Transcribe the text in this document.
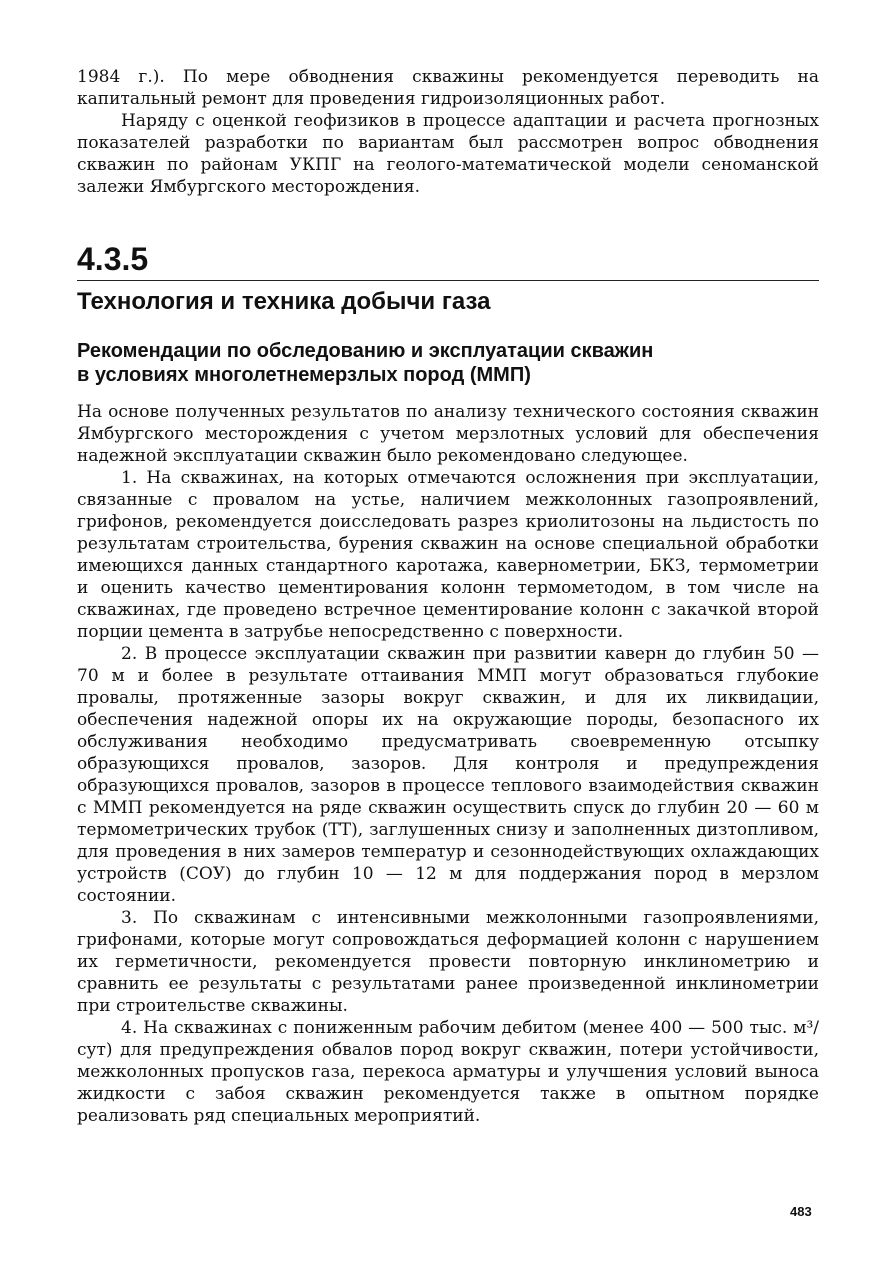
1984 г.). По мере обводнения скважины рекомендуется переводить на капитальный ремонт для проведения гидроизоляционных работ.

Наряду с оценкой геофизиков в процессе адаптации и расчета прогнозных показателей разработки по вариантам был рассмотрен вопрос обводнения скважин по районам УКПГ на геолого-математической модели сеноманской залежи Ямбургского месторождения.

4.3.5
Технология и техника добычи газа
Рекомендации по обследованию и эксплуатации скважин
в условиях многолетнемерзлых пород (ММП)

На основе полученных результатов по анализу технического состояния скважин Ямбургского месторождения с учетом мерзлотных условий для обеспечения надежной эксплуатации скважин было рекомендовано следующее.

1. На скважинах, на которых отмечаются осложнения при эксплуатации, связанные с провалом на устье, наличием межколонных газопроявлений, грифонов, рекомендуется доисследовать разрез криолитозоны на льдистость по результатам строительства, бурения скважин на основе специальной обработки имеющихся данных стандартного каротажа, кавернометрии, БКЗ, термометрии и оценить качество цементирования колонн термометодом, в том числе на скважинах, где проведено встречное цементирование колонн с закачкой второй порции цемента в затрубье непосредственно с поверхности.

2. В процессе эксплуатации скважин при развитии каверн до глубин 50 — 70 м и более в результате оттаивания ММП могут образоваться глубокие провалы, протяженные зазоры вокруг скважин, и для их ликвидации, обеспечения надежной опоры их на окружающие породы, безопасного их обслуживания необходимо предусматривать своевременную отсыпку образующихся провалов, зазоров. Для контроля и предупреждения образующихся провалов, зазоров в процессе теплового взаимодействия скважин с ММП рекомендуется на ряде скважин осуществить спуск до глубин 20 — 60 м термометрических трубок (ТТ), заглушенных снизу и заполненных дизтопливом, для проведения в них замеров температур и сезоннодействующих охлаждающих устройств (СОУ) до глубин 10 — 12 м для поддержания пород в мерзлом состоянии.

3. По скважинам с интенсивными межколонными газопроявлениями, грифонами, которые могут сопровождаться деформацией колонн с нарушением их герметичности, рекомендуется провести повторную инклинометрию и сравнить ее результаты с результатами ранее произведенной инклинометрии при строительстве скважины.

4. На скважинах с пониженным рабочим дебитом (менее 400 — 500 тыс. м³/сут) для предупреждения обвалов пород вокруг скважин, потери устойчивости, межколонных пропусков газа, перекоса арматуры и улучшения условий выноса жидкости с забоя скважин рекомендуется также в опытном порядке реализовать ряд специальных мероприятий.

483
